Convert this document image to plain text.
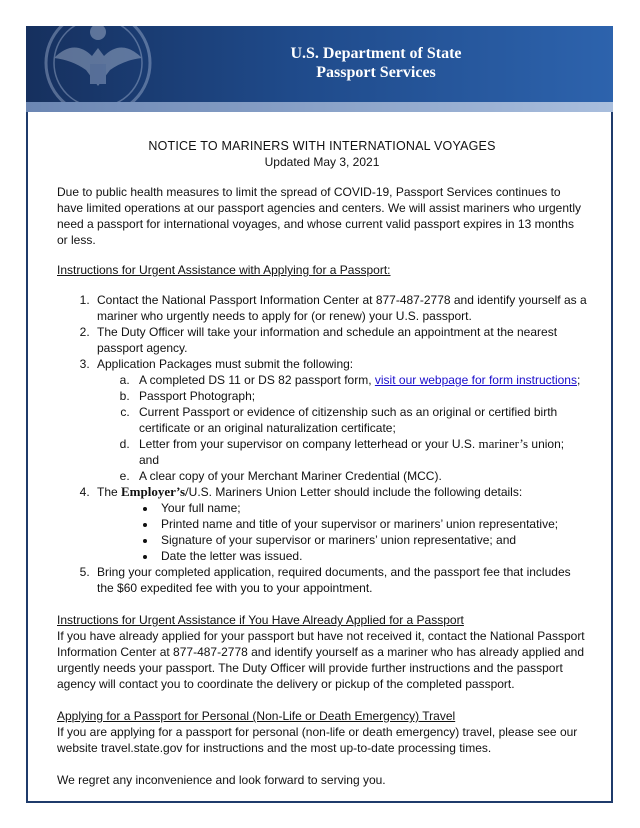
U.S. Department of State
Passport Services
NOTICE TO MARINERS WITH INTERNATIONAL VOYAGES
Updated May 3, 2021

Due to public health measures to limit the spread of COVID-19, Passport Services continues to have limited operations at our passport agencies and centers. We will assist mariners who urgently need a passport for international voyages, and whose current valid passport expires in 13 months or less.

Instructions for Urgent Assistance with Applying for a Passport:
1. Contact the National Passport Information Center at 877-487-2778 and identify yourself as a mariner who urgently needs to apply for (or renew) your U.S. passport.
2. The Duty Officer will take your information and schedule an appointment at the nearest passport agency.
3. Application Packages must submit the following:
a. A completed DS 11 or DS 82 passport form, visit our webpage for form instructions;
b. Passport Photograph;
c. Current Passport or evidence of citizenship such as an original or certified birth certificate or an original naturalization certificate;
d. Letter from your supervisor on company letterhead or your U.S. mariner’s union; and
e. A clear copy of your Merchant Mariner Credential (MCC).
4. The Employer’s/U.S. Mariners Union Letter should include the following details:
• Your full name;
• Printed name and title of your supervisor or mariners’ union representative;
• Signature of your supervisor or mariners’ union representative; and
• Date the letter was issued.
5. Bring your completed application, required documents, and the passport fee that includes the $60 expedited fee with you to your appointment.
Instructions for Urgent Assistance if You Have Already Applied for a Passport

If you have already applied for your passport but have not received it, contact the National Passport Information Center at 877-487-2778 and identify yourself as a mariner who has already applied and urgently needs your passport. The Duty Officer will provide further instructions and the passport agency will contact you to coordinate the delivery or pickup of the completed passport.

Applying for a Passport for Personal (Non-Life or Death Emergency) Travel

If you are applying for a passport for personal (non-life or death emergency) travel, please see our website travel.state.gov for instructions and the most up-to-date processing times.

We regret any inconvenience and look forward to serving you.
